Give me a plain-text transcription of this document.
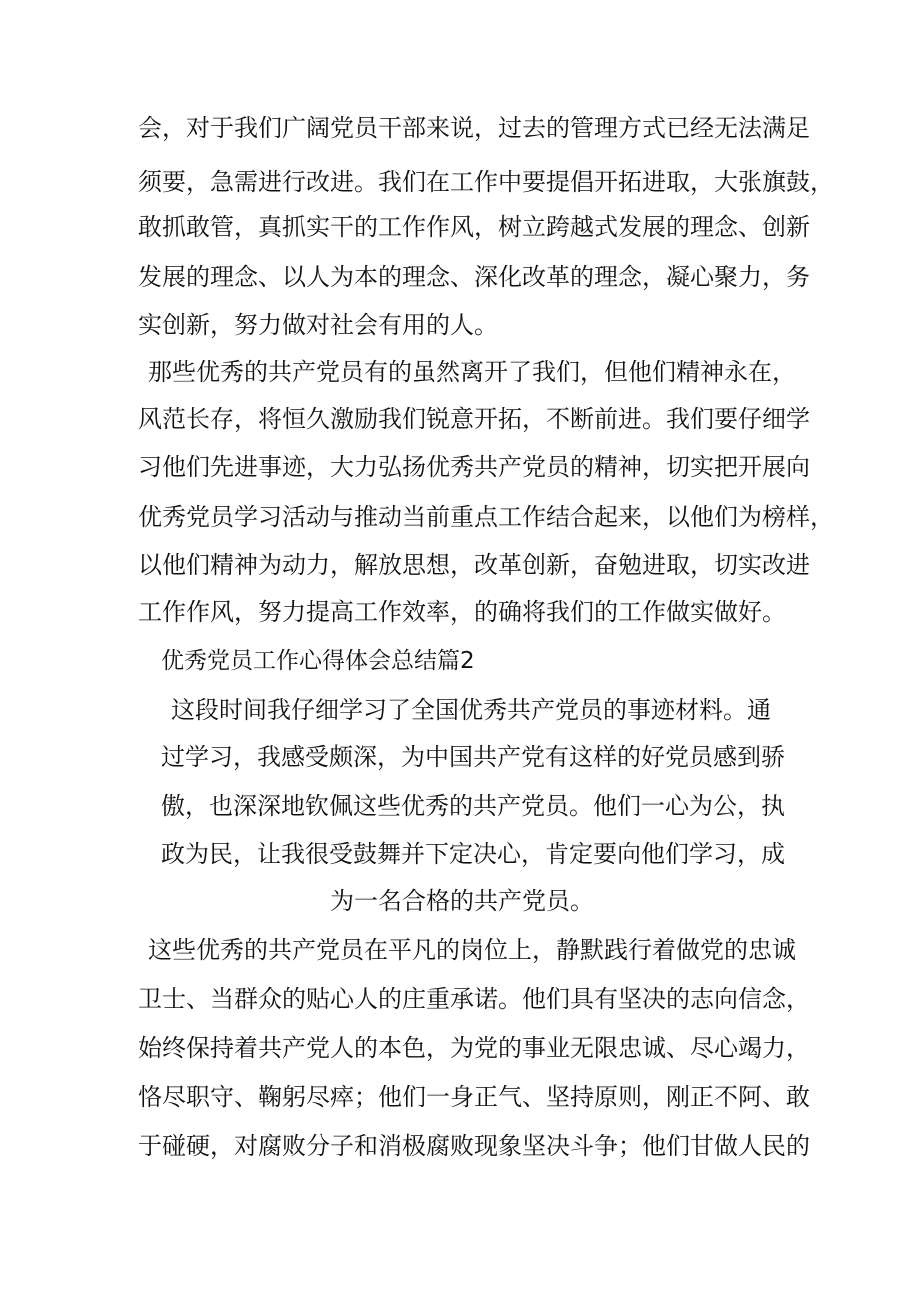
会，对于我们广阔党员干部来说，过去的管理方式已经无法满足
须要，急需进行改进。我们在工作中要提倡开拓进取，大张旗鼓，
敢抓敢管，真抓实干的工作作风，树立跨越式发展的理念、创新
发展的理念、以人为本的理念、深化改革的理念，凝心聚力，务
实创新，努力做对社会有用的人。
那些优秀的共产党员有的虽然离开了我们，但他们精神永在，
风范长存，将恒久激励我们锐意开拓，不断前进。我们要仔细学
习他们先进事迹，大力弘扬优秀共产党员的精神，切实把开展向
优秀党员学习活动与推动当前重点工作结合起来，以他们为榜样，
以他们精神为动力，解放思想，改革创新，奋勉进取，切实改进
工作作风，努力提高工作效率，的确将我们的工作做实做好。
优秀党员工作心得体会总结篇2
这段时间我仔细学习了全国优秀共产党员的事迹材料。通
过学习，我感受颇深，为中国共产党有这样的好党员感到骄
傲，也深深地钦佩这些优秀的共产党员。他们一心为公，执
政为民，让我很受鼓舞并下定决心，肯定要向他们学习，成
为一名合格的共产党员。
这些优秀的共产党员在平凡的岗位上，静默践行着做党的忠诚
卫士、当群众的贴心人的庄重承诺。他们具有坚决的志向信念，
始终保持着共产党人的本色，为党的事业无限忠诚、尽心竭力，
恪尽职守、鞠躬尽瘁；他们一身正气、坚持原则，刚正不阿、敢
于碰硬，对腐败分子和消极腐败现象坚决斗争；他们甘做人民的
